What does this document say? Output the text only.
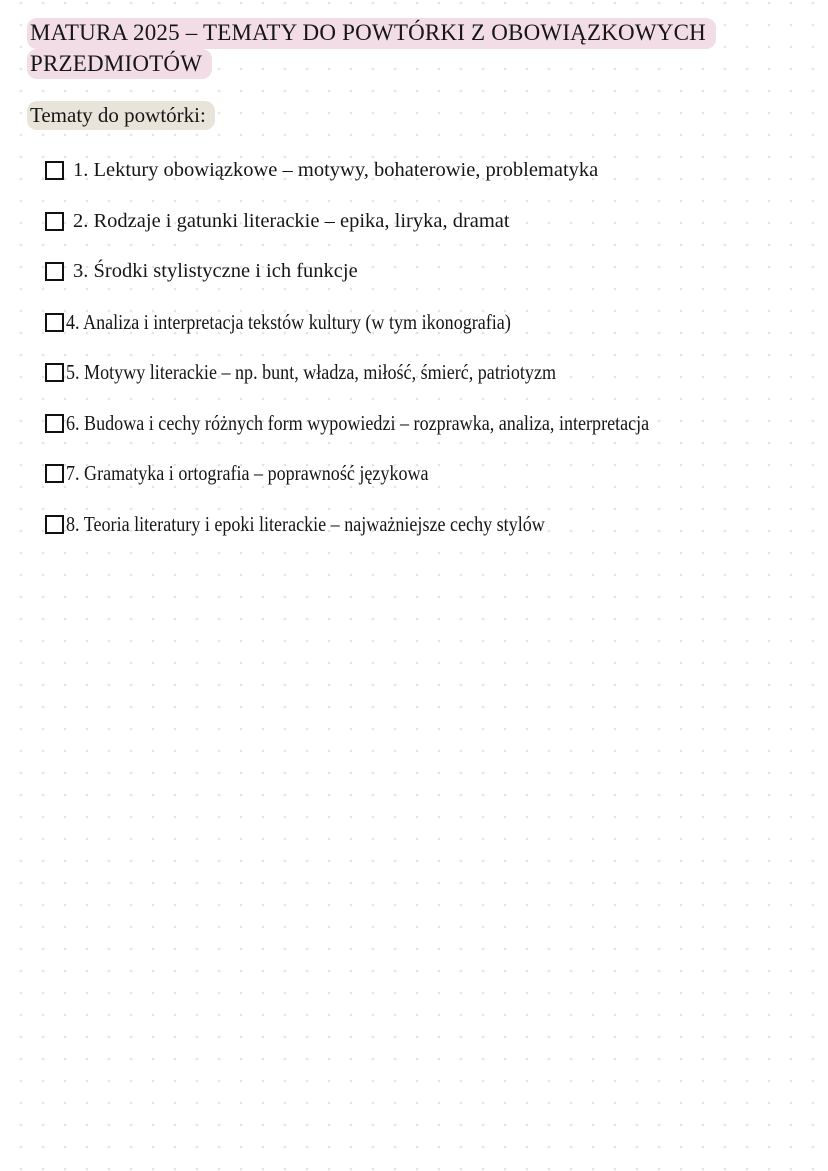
MATURA 2025 – TEMATY DO POWTÓRKI Z OBOWIĄZKOWYCH
PRZEDMIOTÓW
Tematy do powtórki:
1. Lektury obowiązkowe – motywy, bohaterowie, problematyka
2. Rodzaje i gatunki literackie – epika, liryka, dramat
3. Środki stylistyczne i ich funkcje
4. Analiza i interpretacja tekstów kultury (w tym ikonografia)
5. Motywy literackie – np. bunt, władza, miłość, śmierć, patriotyzm
6. Budowa i cechy różnych form wypowiedzi – rozprawka, analiza, interpretacja
7. Gramatyka i ortografia – poprawność językowa
8. Teoria literatury i epoki literackie – najważniejsze cechy stylów
